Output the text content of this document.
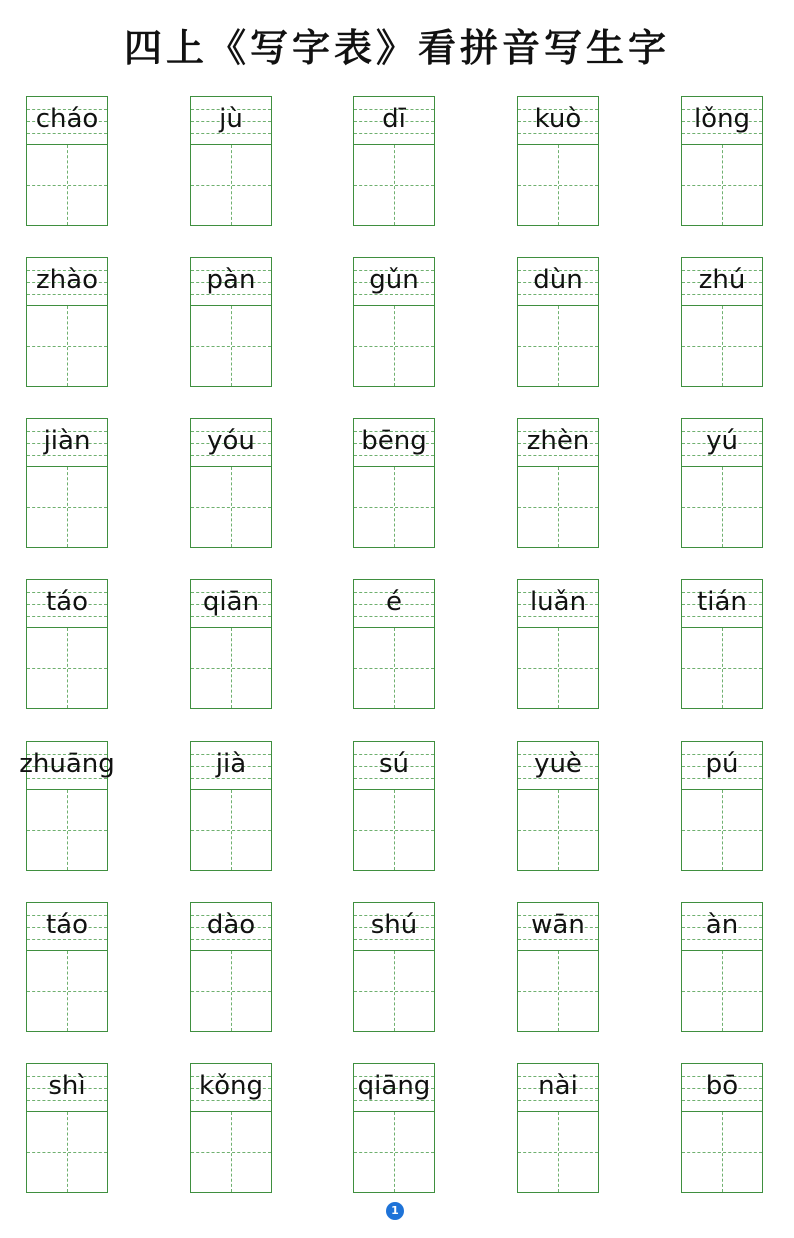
四上《写字表》看拼音写生字
cháo	jù	dī	kuò	lǒng
zhào	pàn	gǔn	dùn	zhú
jiàn	yóu	bēng	zhèn	yú
táo	qiān	é	luǎn	tián
zhuāng	jià	sú	yuè	pú
táo	dào	shú	wān	àn
shì	kǒng	qiāng	nài	bō
1
